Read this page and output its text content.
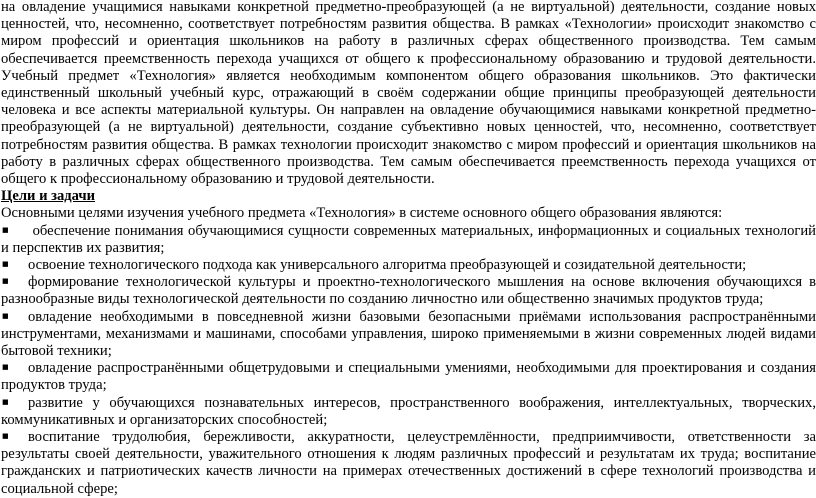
на овладение учащимися навыками конкретной предметно-преобразующей (а не виртуальной) деятельности, создание новых ценностей, что, несомненно, соответствует потребностям развития общества. В рамках «Технологии» происходит знакомство с миром профессий и ориентация школьников на работу в различных сферах общественного производства. Тем самым обеспечивается преемственность перехода учащихся от общего к профессиональному образованию и трудовой деятельности. Учебный предмет «Технология» является необходимым компонентом общего образования школьников. Это фактически единственный школьный учебный курс, отражающий в своём содержании общие принципы преобразующей деятельности человека и все аспекты материальной культуры. Он направлен на овладение обучающимися навыками конкретной предметно-преобразующей (а не виртуальной) деятельности, создание субъективно новых ценностей, что, несомненно, соответствует потребностям развития общества. В рамках технологии происходит знакомство с миром профессий и ориентация школьников на работу в различных сферах общественного производства. Тем самым обеспечивается преемственность перехода учащихся от общего к профессиональному образованию и трудовой деятельности.

Цели и задачи

Основными целями изучения учебного предмета «Технология» в системе основного общего образования являются:

■ обеспечение понимания обучающимися сущности современных материальных, информационных и социальных технологий и перспектив их развития;
■ освоение технологического подхода как универсального алгоритма преобразующей и созидательной деятельности;
■ формирование технологической культуры и проектно-технологического мышления на основе включения обучающихся в разнообразные виды технологической деятельности по созданию личностно или общественно значимых продуктов труда;
■ овладение необходимыми в повседневной жизни базовыми безопасными приёмами использования распространёнными инструментами, механизмами и машинами, способами управления, широко применяемыми в жизни современных людей видами бытовой техники;
■ овладение распространёнными общетрудовыми и специальными умениями, необходимыми для проектирования и создания продуктов труда;
■ развитие у обучающихся познавательных интересов, пространственного воображения, интеллектуальных, творческих, коммуникативных и организаторских способностей;
■ воспитание трудолюбия, бережливости, аккуратности, целеустремлённости, предприимчивости, ответственности за результаты своей деятельности, уважительного отношения к людям различных профессий и результатам их труда; воспитание гражданских и патриотических качеств личности на примерах отечественных достижений в сфере технологий производства и социальной сфере;
